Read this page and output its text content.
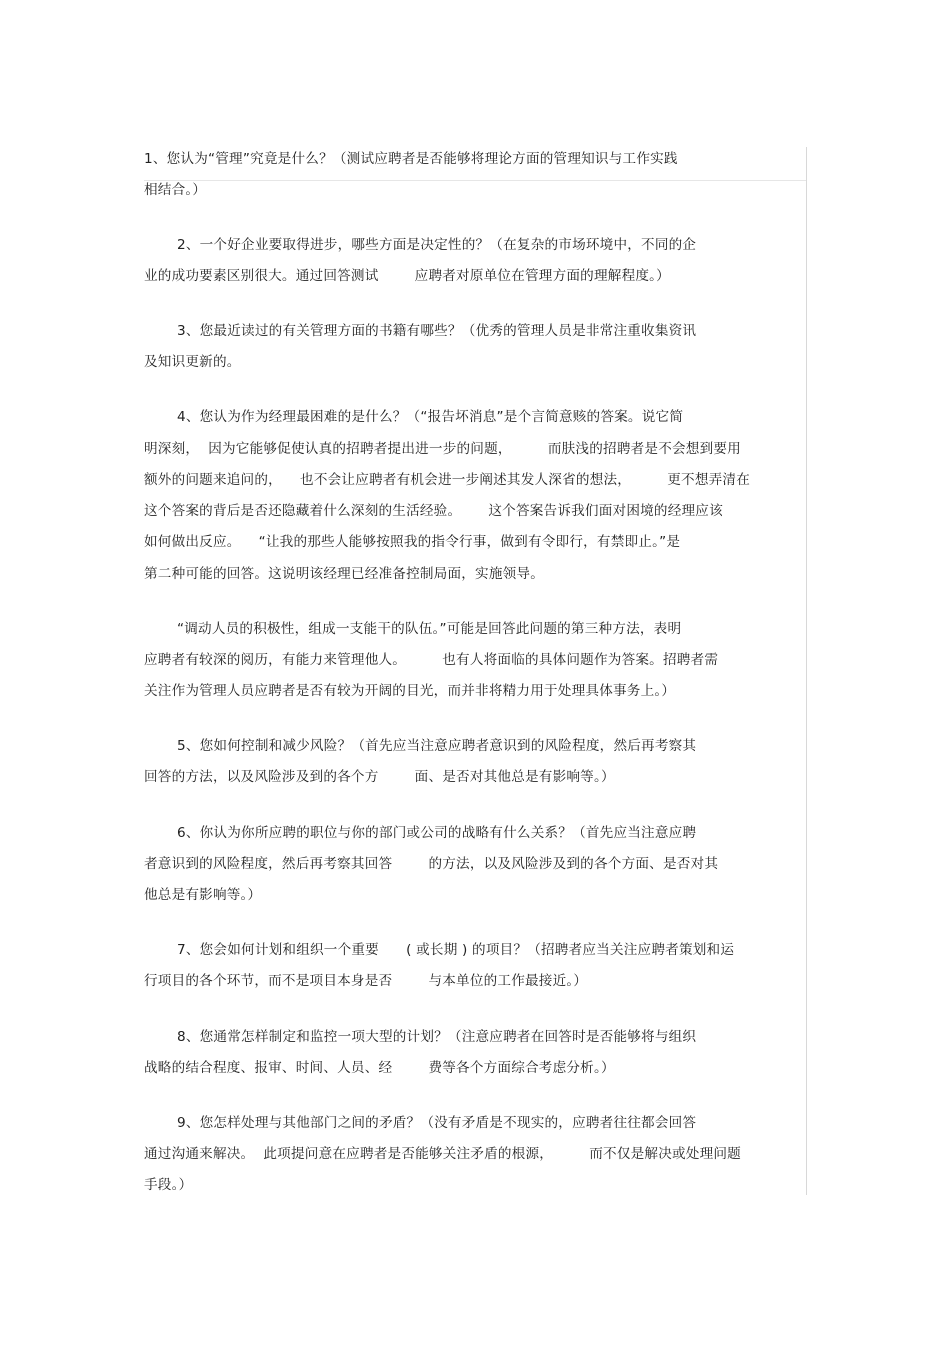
1、您认为“管理”究竟是什么？（测试应聘者是否能够将理论方面的管理知识与工作实践
相结合。）
2、一个好企业要取得进步，哪些方面是决定性的？（在复杂的市场环境中，不同的企
业的成功要素区别很大。通过回答测试        应聘者对原单位在管理方面的理解程度。）
3、您最近读过的有关管理方面的书籍有哪些？（优秀的管理人员是非常注重收集资讯
及知识更新的。
4、您认为作为经理最困难的是什么？（“报告坏消息”是个言简意赅的答案。说它简
明深刻，  因为它能够促使认真的招聘者提出进一步的问题，        而肤浅的招聘者是不会想到要用
额外的问题来追问的，    也不会让应聘者有机会进一步阐述其发人深省的想法，        更不想弄清在
这个答案的背后是否还隐藏着什么深刻的生活经验。      这个答案告诉我们面对困境的经理应该
如何做出反应。    “让我的那些人能够按照我的指令行事，做到有令即行，有禁即止。”是
第二种可能的回答。这说明该经理已经准备控制局面，实施领导。
“调动人员的积极性，组成一支能干的队伍。”可能是回答此问题的第三种方法，表明
应聘者有较深的阅历，有能力来管理他人。        也有人将面临的具体问题作为答案。招聘者需
关注作为管理人员应聘者是否有较为开阔的目光，而并非将精力用于处理具体事务上。）
5、您如何控制和减少风险？（首先应当注意应聘者意识到的风险程度，然后再考察其
回答的方法，以及风险涉及到的各个方        面、是否对其他总是有影响等。）
6、你认为你所应聘的职位与你的部门或公司的战略有什么关系？（首先应当注意应聘
者意识到的风险程度，然后再考察其回答        的方法，以及风险涉及到的各个方面、是否对其
他总是有影响等。）
7、您会如何计划和组织一个重要      ( 或长期 ) 的项目？（招聘者应当关注应聘者策划和运
行项目的各个环节，而不是项目本身是否        与本单位的工作最接近。）
8、您通常怎样制定和监控一项大型的计划？（注意应聘者在回答时是否能够将与组织
战略的结合程度、报审、时间、人员、经        费等各个方面综合考虑分析。）
9、您怎样处理与其他部门之间的矛盾？（没有矛盾是不现实的，应聘者往往都会回答
通过沟通来解决。  此项提问意在应聘者是否能够关注矛盾的根源，        而不仅是解决或处理问题
手段。）
